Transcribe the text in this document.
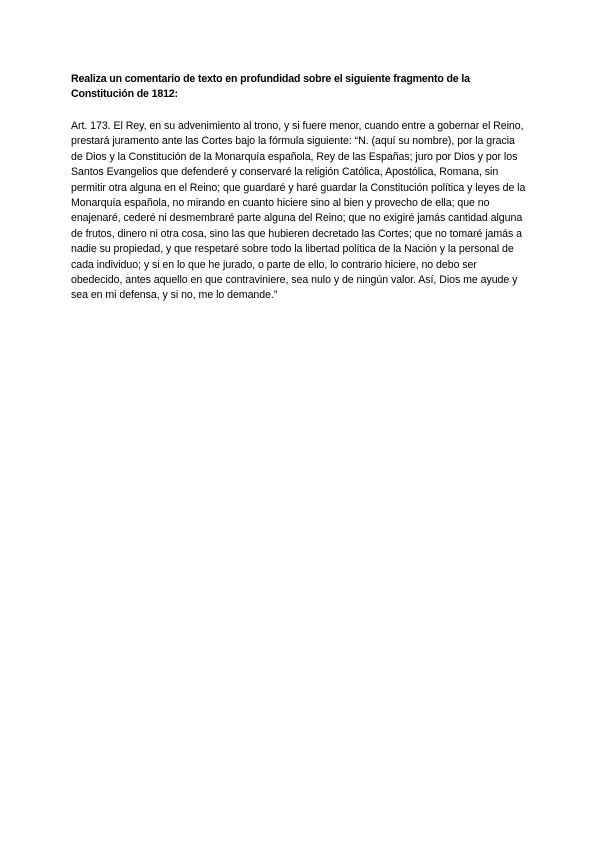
Realiza un comentario de texto en profundidad sobre el siguiente fragmento de la Constitución de 1812:

Art. 173. El Rey, en su advenimiento al trono, y si fuere menor, cuando entre a gobernar el Reino, prestará juramento ante las Cortes bajo la fórmula siguiente: “N. (aquí su nombre), por la gracia de Dios y la Constitución de la Monarquía española, Rey de las Españas; juro por Dios y por los Santos Evangelios que defenderé y conservaré la religión Católica, Apostólica, Romana, sin permitir otra alguna en el Reino; que guardaré y haré guardar la Constitución política y leyes de la Monarquía española, no mirando en cuanto hiciere sino al bien y provecho de ella; que no enajenaré, cederé ni desmembraré parte alguna del Reino; que no exigiré jamás cantidad alguna de frutos, dinero ni otra cosa, sino las que hubieren decretado las Cortes; que no tomaré jamás a nadie su propiedad, y que respetaré sobre todo la libertad política de la Nación y la personal de cada individuo; y si en lo que he jurado, o parte de ello, lo contrario hiciere, no debo ser obedecido, antes aquello en que contraviniere, sea nulo y de ningún valor. Así, Dios me ayude y sea en mi defensa, y si no, me lo demande.”
